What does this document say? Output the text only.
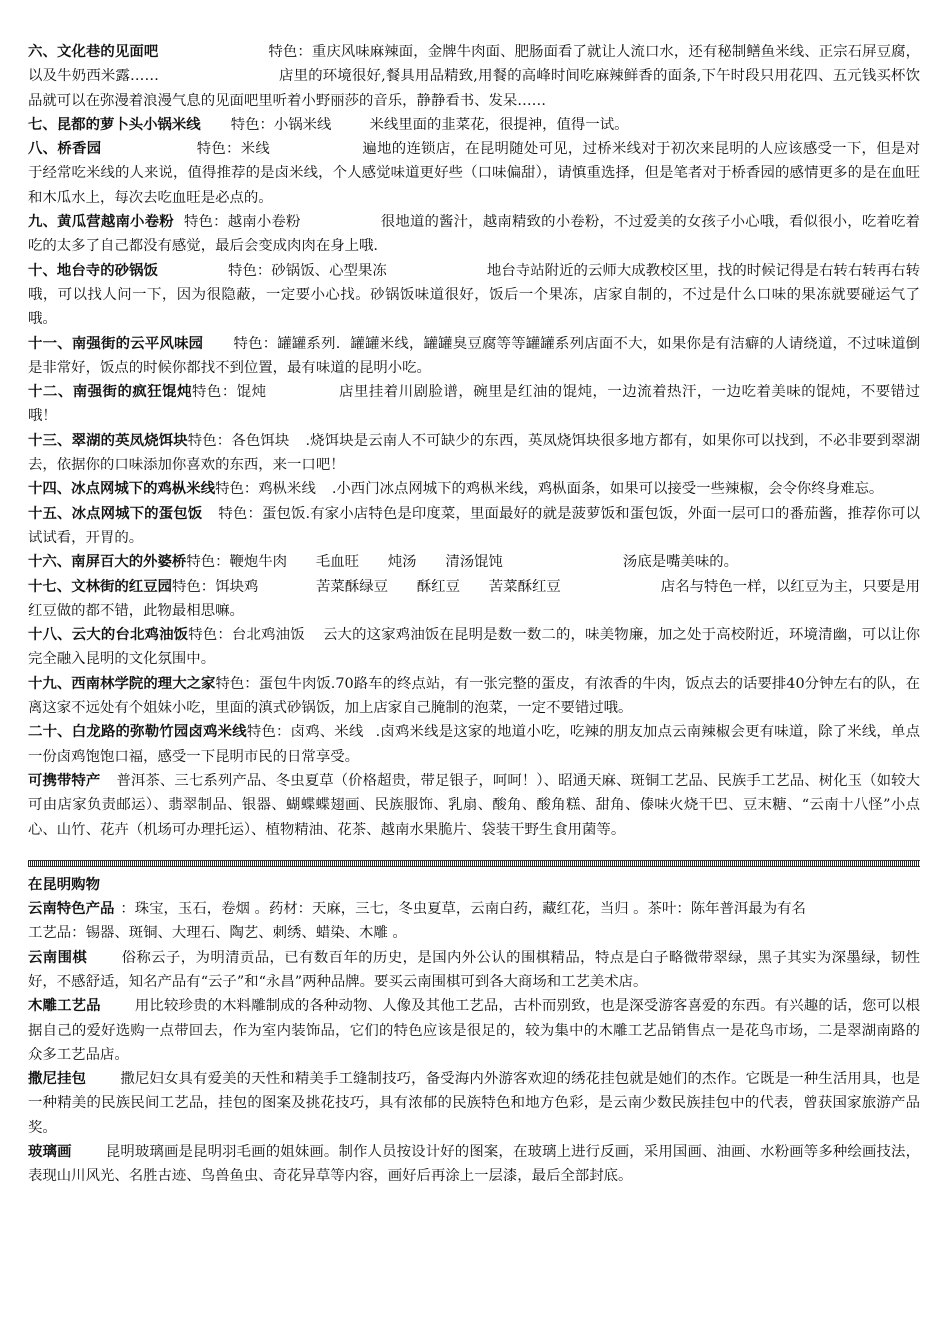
六、文化巷的见面吧	特色：重庆风味麻辣面，金牌牛肉面、肥肠面看了就让人流口水，还有秘制鳝鱼米线、正宗石屏豆腐，以及牛奶西米露……	店里的环境很好,餐具用品精致,用餐的高峰时间吃麻辣鲜香的面条,下午时段只用花四、五元钱买杯饮品就可以在弥漫着浪漫气息的见面吧里听着小野丽莎的音乐，静静看书、发呆……

七、昆都的萝卜头小锅米线 特色：小锅米线	米线里面的韭菜花，很提神，值得一试。

八、桥香园	特色：米线	遍地的连锁店，在昆明随处可见，过桥米线对于初次来昆明的人应该感受一下，但是对于经常吃米线的人来说，值得推荐的是卤米线，个人感觉味道更好些（口味偏甜），请慎重选择，但是笔者对于桥香园的感情更多的是在血旺和木瓜水上，每次去吃血旺是必点的。

九、黄瓜营越南小卷粉 特色：越南小卷粉	很地道的酱汁，越南精致的小卷粉，不过爱美的女孩子小心哦，看似很小，吃着吃着吃的太多了自己都没有感觉，最后会变成肉肉在身上哦.

十、地台寺的砂锅饭	特色：砂锅饭、心型果冻	地台寺站附近的云师大成教校区里，找的时候记得是右转右转再右转哦，可以找人问一下，因为很隐蔽，一定要小心找。砂锅饭味道很好，饭后一个果冻，店家自制的，不过是什么口味的果冻就要碰运气了哦。

十一、南强街的云平风味园 特色：罐罐系列. 罐罐米线，罐罐臭豆腐等等罐罐系列店面不大，如果你是有洁癖的人请绕道，不过味道倒是非常好，饭点的时候你都找不到位置，最有味道的昆明小吃。

十二、南强街的疯狂馄炖特色：馄炖	店里挂着川剧脸谱，碗里是红油的馄炖，一边流着热汗，一边吃着美味的馄炖，不要错过哦！

十三、翠湖的英凤烧饵块特色：各色饵块 .烧饵块是云南人不可缺少的东西，英凤烧饵块很多地方都有，如果你可以找到，不必非要到翠湖去，依据你的口味添加你喜欢的东西，来一口吧！

十四、冰点网城下的鸡枞米线特色：鸡枞米线 .小西门冰点网城下的鸡枞米线，鸡枞面条，如果可以接受一些辣椒，会令你终身难忘。

十五、冰点网城下的蛋包饭 特色：蛋包饭.有家小店特色是印度菜，里面最好的就是菠萝饭和蛋包饭，外面一层可口的番茄酱，推荐你可以试试看，开胃的。

十六、南屏百大的外婆桥特色：鞭炮牛肉　　毛血旺　　炖汤　　清汤馄饨	汤底是嘴美味的。

十七、文林街的红豆园特色：饵块鸡　　　　苦菜酥绿豆　　酥红豆　　苦菜酥红豆	店名与特色一样，以红豆为主，只要是用红豆做的都不错，此物最相思嘛。

十八、云大的台北鸡油饭特色：台北鸡油饭 云大的这家鸡油饭在昆明是数一数二的，味美物廉，加之处于高校附近，环境清幽，可以让你完全融入昆明的文化氛围中。

十九、西南林学院的理大之家特色：蛋包牛肉饭.70路车的终点站，有一张完整的蛋皮，有浓香的牛肉，饭点去的话要排40分钟左右的队，在离这家不远处有个姐妹小吃，里面的滇式砂锅饭，加上店家自己腌制的泡菜，一定不要错过哦。

二十、白龙路的弥勒竹园卤鸡米线特色：卤鸡、米线 .卤鸡米线是这家的地道小吃，吃辣的朋友加点云南辣椒会更有味道，除了米线，单点一份卤鸡饱饱口福，感受一下昆明市民的日常享受。

可携带特产 普洱茶、三七系列产品、冬虫夏草（价格超贵，带足银子，呵呵！）、昭通天麻、斑铜工艺品、民族手工艺品、树化玉（如较大可由店家负责邮运）、翡翠制品、银器、蝴蝶蝶翅画、民族服饰、乳扇、酸角、酸角糕、甜角、傣味火烧干巴、豆末糖、“云南十八怪”小点心、山竹、花卉（机场可办理托运）、植物精油、花茶、越南水果脆片、袋装干野生食用菌等。

在昆明购物

云南特色产品 ：珠宝，玉石，卷烟 。药材：天麻，三七，冬虫夏草，云南白药，藏红花，当归 。茶叶：陈年普洱最为有名

工艺品：锡器、斑铜、大理石、陶艺、刺绣、蜡染、木雕 。

云南围棋 俗称云子，为明清贡品，已有数百年的历史，是国内外公认的围棋精品，特点是白子略微带翠绿，黑子其实为深墨绿，韧性好，不感舒适，知名产品有“云子”和“永昌”两种品牌。要买云南围棋可到各大商场和工艺美术店。

木雕工艺品 用比较珍贵的木料雕制成的各种动物、人像及其他工艺品，古朴而别致，也是深受游客喜爱的东西。有兴趣的话，您可以根据自己的爱好选购一点带回去，作为室内装饰品，它们的特色应该是很足的，较为集中的木雕工艺品销售点一是花鸟市场，二是翠湖南路的众多工艺品店。

撒尼挂包 撒尼妇女具有爱美的天性和精美手工缝制技巧，备受海内外游客欢迎的绣花挂包就是她们的杰作。它既是一种生活用具，也是一种精美的民族民间工艺品，挂包的图案及挑花技巧，具有浓郁的民族特色和地方色彩，是云南少数民族挂包中的代表，曾获国家旅游产品奖。

玻璃画 昆明玻璃画是昆明羽毛画的姐妹画。制作人员按设计好的图案，在玻璃上进行反画，采用国画、油画、水粉画等多种绘画技法，表现山川风光、名胜古迹、鸟兽鱼虫、奇花异草等内容，画好后再涂上一层漆，最后全部封底。
